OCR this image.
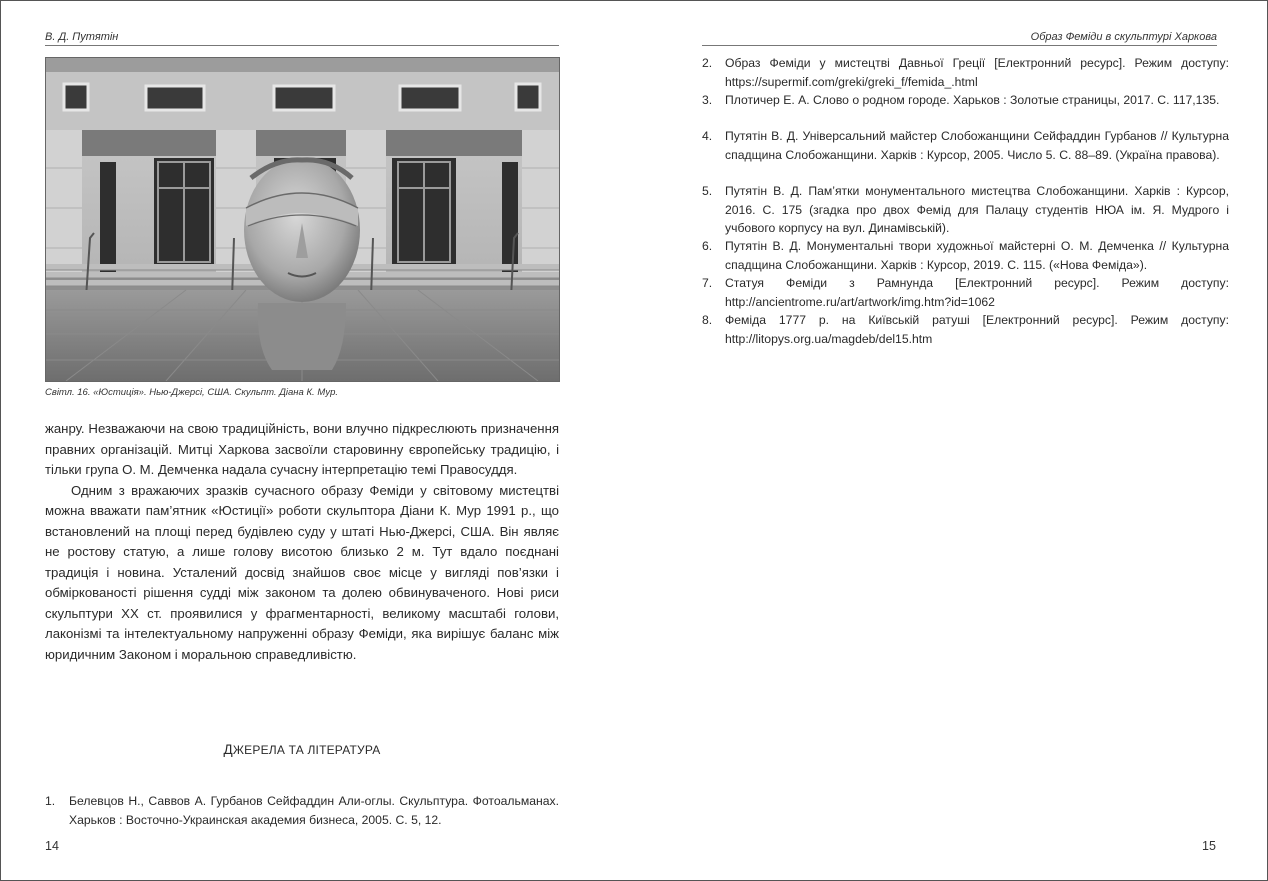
В. Д. Путятін
Світл. 16. «Юстиція». Нью-Джерсі, США. Скульпт. Діана К. Мур.

жанру. Незважаючи на свою традиційність, вони влучно підкреслюють призначення правних організацій. Митці Харкова засвоїли старовинну європейську традицію, і тільки група О. М. Демченка надала сучасну інтерпретацію темі Правосуддя.

Одним з вражаючих зразків сучасного образу Феміди у світовому мистецтві можна вважати пам’ятник «Юстиції» роботи скульптора Діани К. Мур 1991 р., що встановлений на площі перед будівлею суду у штаті Нью-Джерсі, США. Він являє не ростову статую, а лише голову висотою близько 2 м. Тут вдало поєднані традиція і новина. Усталений досвід знайшов своє місце у вигляді пов’язки і обміркованості рішення судді між законом та долею обвинуваченого. Нові риси скульптури ХХ ст. проявилися у фрагментарності, великому масштабі голови, лаконізмі та інтелектуальному напруженні образу Феміди, яка вирішує баланс між юридичним Законом і моральною справедливістю.

ДЖЕРЕЛА ТА ЛІТЕРАТУРА
1.	Белевцов Н., Саввов А. Гурбанов Сейфаддин Али-оглы. Скульптура. Фотоальманах. Харьков : Восточно-Украинская академия бизнеса, 2005. С. 5, 12.
14
Образ Феміди в скульптурі Харкова
2.	Образ Феміди у мистецтві Давньої Греції [Електронний ресурс]. Режим доступу: https://supermif.com/greki/greki_f/femida_.html
3.	Плотичер Е. А. Слово о родном городе. Харьков : Золотые страницы, 2017. С. 117,135.
4.	Путятін В. Д. Універсальний майстер Слобожанщини Сейфаддин Гурбанов // Культурна спадщина Слобожанщини. Харків : Курсор, 2005. Число 5. С. 88–89. (Україна правова).
5.	Путятін В. Д. Пам’ятки монументального мистецтва Слобожанщини. Харків : Курсор, 2016. С. 175 (згадка про двох Фемід для Палацу студентів НЮА ім. Я. Мудрого і учбового корпусу на вул. Динамівській).
6.	Путятін В. Д. Монументальні твори художньої майстерні О. М. Демченка // Культурна спадщина Слобожанщини. Харків : Курсор, 2019. С. 115. («Нова Феміда»).
7.	Статуя Феміди з Рамнунда [Електронний ресурс]. Режим доступу: http://ancientrome.ru/art/artwork/img.htm?id=1062
8.	Феміда 1777 р. на Київській ратуші [Електронний ресурс]. Режим доступу: http://litopys.org.ua/magdeb/del15.htm
15
